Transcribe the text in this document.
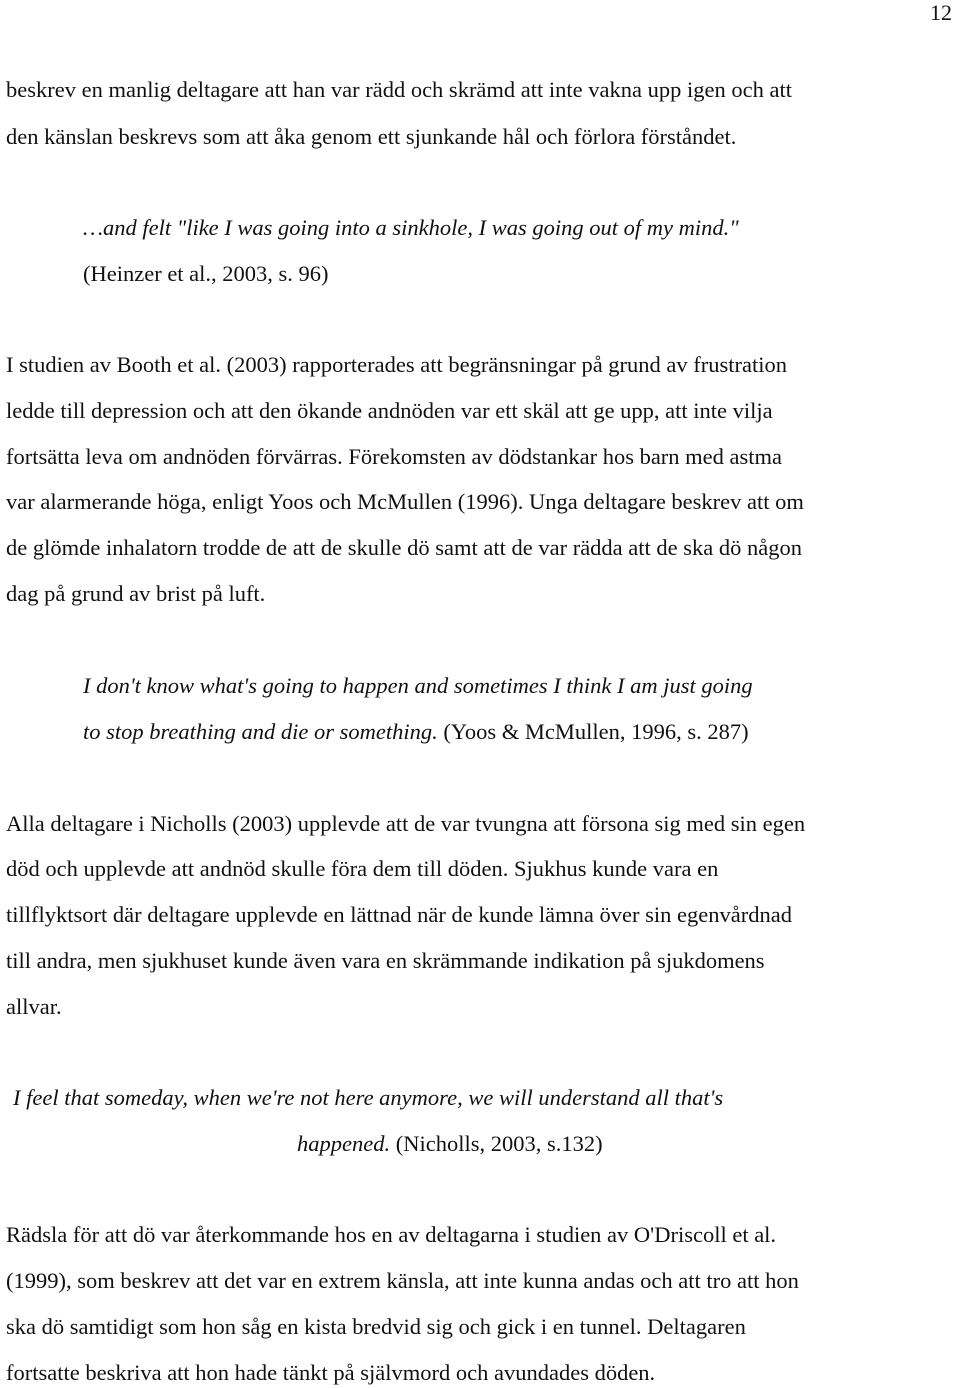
12
beskrev en manlig deltagare att han var rädd och skrämd att inte vakna upp igen och att
den känslan beskrevs som att åka genom ett sjunkande hål och förlora förståndet.
…and felt "like I was going into a sinkhole, I was going out of my mind."
(Heinzer et al., 2003, s. 96)
I studien av Booth et al. (2003) rapporterades att begränsningar på grund av frustration
ledde till depression och att den ökande andnöden var ett skäl att ge upp, att inte vilja
fortsätta leva om andnöden förvärras. Förekomsten av dödstankar hos barn med astma
var alarmerande höga, enligt Yoos och McMullen (1996). Unga deltagare beskrev att om
de glömde inhalatorn trodde de att de skulle dö samt att de var rädda att de ska dö någon
dag på grund av brist på luft.
I don't know what's going to happen and sometimes I think I am just going
to stop breathing and die or something. (Yoos & McMullen, 1996, s. 287)
Alla deltagare i Nicholls (2003) upplevde att de var tvungna att försona sig med sin egen
död och upplevde att andnöd skulle föra dem till döden. Sjukhus kunde vara en
tillflyktsort där deltagare upplevde en lättnad när de kunde lämna över sin egenvårdnad
till andra, men sjukhuset kunde även vara en skrämmande indikation på sjukdomens
allvar.
I feel that someday, when we're not here anymore, we will understand all that's
happened. (Nicholls, 2003, s.132)
Rädsla för att dö var återkommande hos en av deltagarna i studien av O'Driscoll et al.
(1999), som beskrev att det var en extrem känsla, att inte kunna andas och att tro att hon
ska dö samtidigt som hon såg en kista bredvid sig och gick i en tunnel. Deltagaren
fortsatte beskriva att hon hade tänkt på självmord och avundades döden.
